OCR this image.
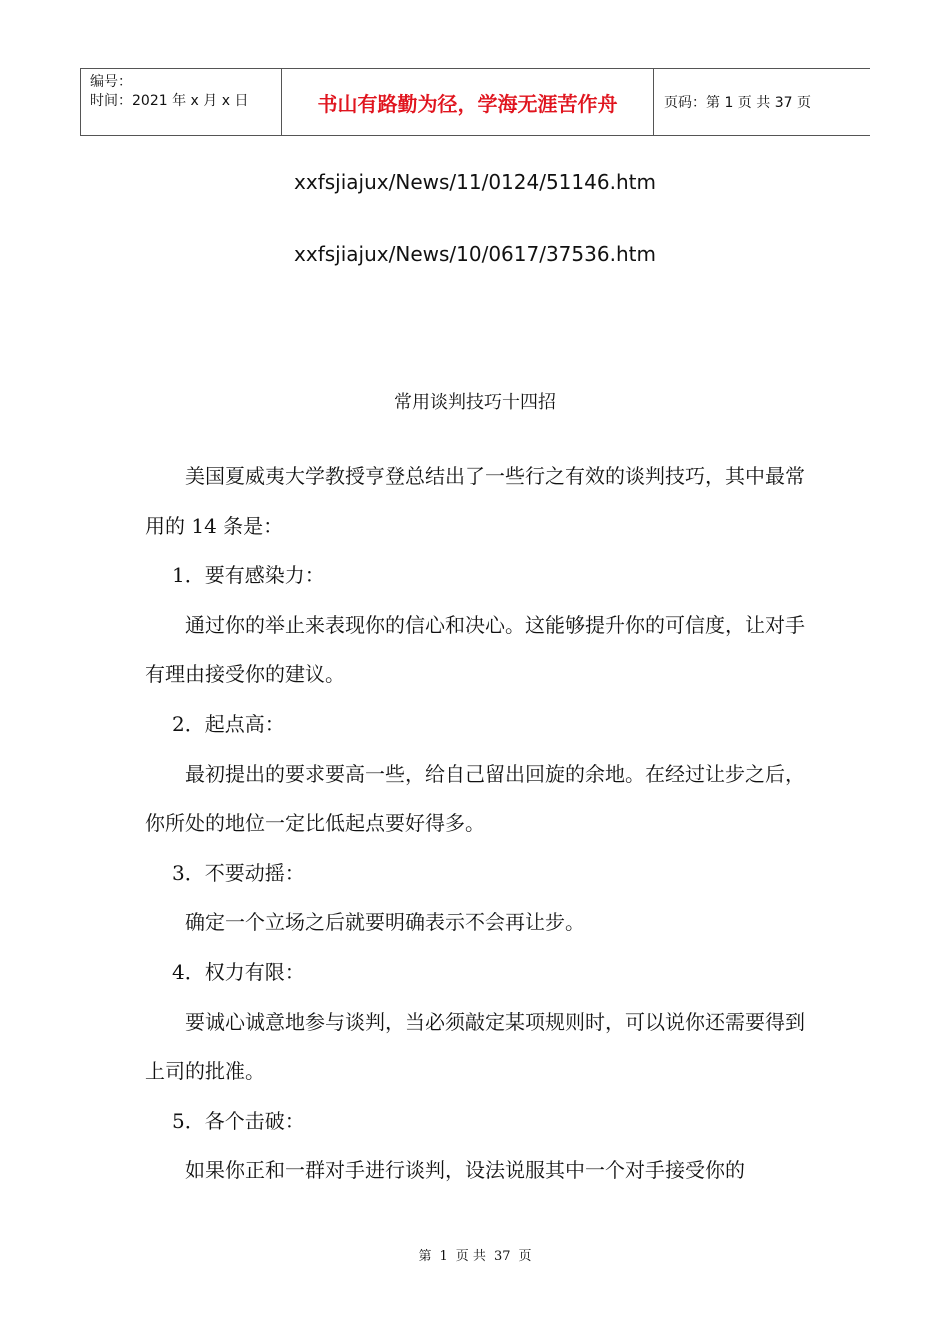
编号：
时间：2021 年 x 月 x 日	书山有路勤为径，学海无涯苦作舟	页码：第 1 页 共 37 页
xxfsjiajux/News/11/0124/51146.htm
xxfsjiajux/News/10/0617/37536.htm
常用谈判技巧十四招

美国夏威夷大学教授亨登总结出了一些行之有效的谈判技巧，其中最常用的 14 条是：

1．要有感染力：

通过你的举止来表现你的信心和决心。这能够提升你的可信度，让对手有理由接受你的建议。

2．起点高：

最初提出的要求要高一些，给自己留出回旋的余地。在经过让步之后，你所处的地位一定比低起点要好得多。

3．不要动摇：

确定一个立场之后就要明确表示不会再让步。

4．权力有限：

要诚心诚意地参与谈判，当必须敲定某项规则时，可以说你还需要得到上司的批准。

5．各个击破：

如果你正和一群对手进行谈判，设法说服其中一个对手接受你的

第 1 页 共 37 页
